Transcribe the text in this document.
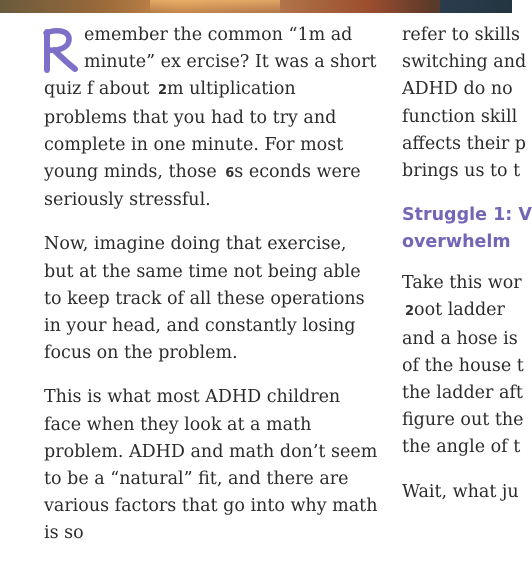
R
emember the common “1m ad minute” ex ercise? It was a short quiz f about 2 m ultiplication problems that you had to try and complete in one minute. For most young minds, those 6 s econds were seriously stressful.

Now, imagine doing that exercise, but at the same time not being able to keep track of all these operations in your head, and constantly losing focus on the problem.

This is what most ADHD children face when they look at a math problem. ADHD and math don’t seem to be a “natural” fit, and there are various factors that go into why math is so

refer to skills
switching and
ADHD do no
function skill
affects their p
brings us to t
Struggle 1: V
overwhelm
Take this wor
2 oot ladder
and a hose is
of the house t
the ladder aft
figure out the
the angle of t
Wait, what ju
